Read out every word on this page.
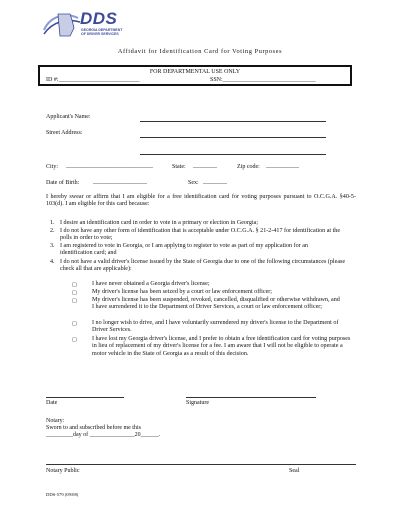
DDS
GEORGIA DEPARTMENT
OF DRIVER SERVICES
Affidavit for Identification Card for Voting Purposes
FOR DEPARTMENTAL USE ONLY
ID #:___________________________	SSN:_______________________________
Applicant's Name:
Street Address:
City: _____________________________	State: ________	Zip code: ___________
Date of Birth: __________________	Sex: ________
I hereby swear or affirm that I am eligible for a free identification card for voting purposes pursuant to O.C.G.A. §40-5-103(d). I am eligible for this card because:
1. I desire an identification card in order to vote in a primary or election in Georgia;
2. I do not have any other form of identification that is acceptable under O.C.G.A. § 21-2-417 for identification at the polls in order to vote;
3. I am registered to vote in Georgia, or I am applying to register to vote as part of my application for an identification card; and
4. I do not have a valid driver's license issued by the State of Georgia due to one of the following circumstances (please check all that are applicable):
□	I have never obtained a Georgia driver's license;
□	My driver's license has been seized by a court or law enforcement officer;
□	My driver's license has been suspended, revoked, cancelled, disqualified or otherwise withdrawn, and I have surrendered it to the Department of Driver Services, a court or law enforcement officer;
□	I no longer wish to drive, and I have voluntarily surrendered my driver's license to the Department of Driver Services.
□	I have lost my Georgia driver's license, and I prefer to obtain a free identification card for voting purposes in lieu of replacement of my driver's license for a fee. I am aware that I will not be eligible to operate a motor vehicle in the State of Georgia as a result of this decision.
Date	Signature
Notary:
Sworn to and subscribed before me this
_________day of _______________20______.
Notary Public	Seal
DDS-579 (09/08)
